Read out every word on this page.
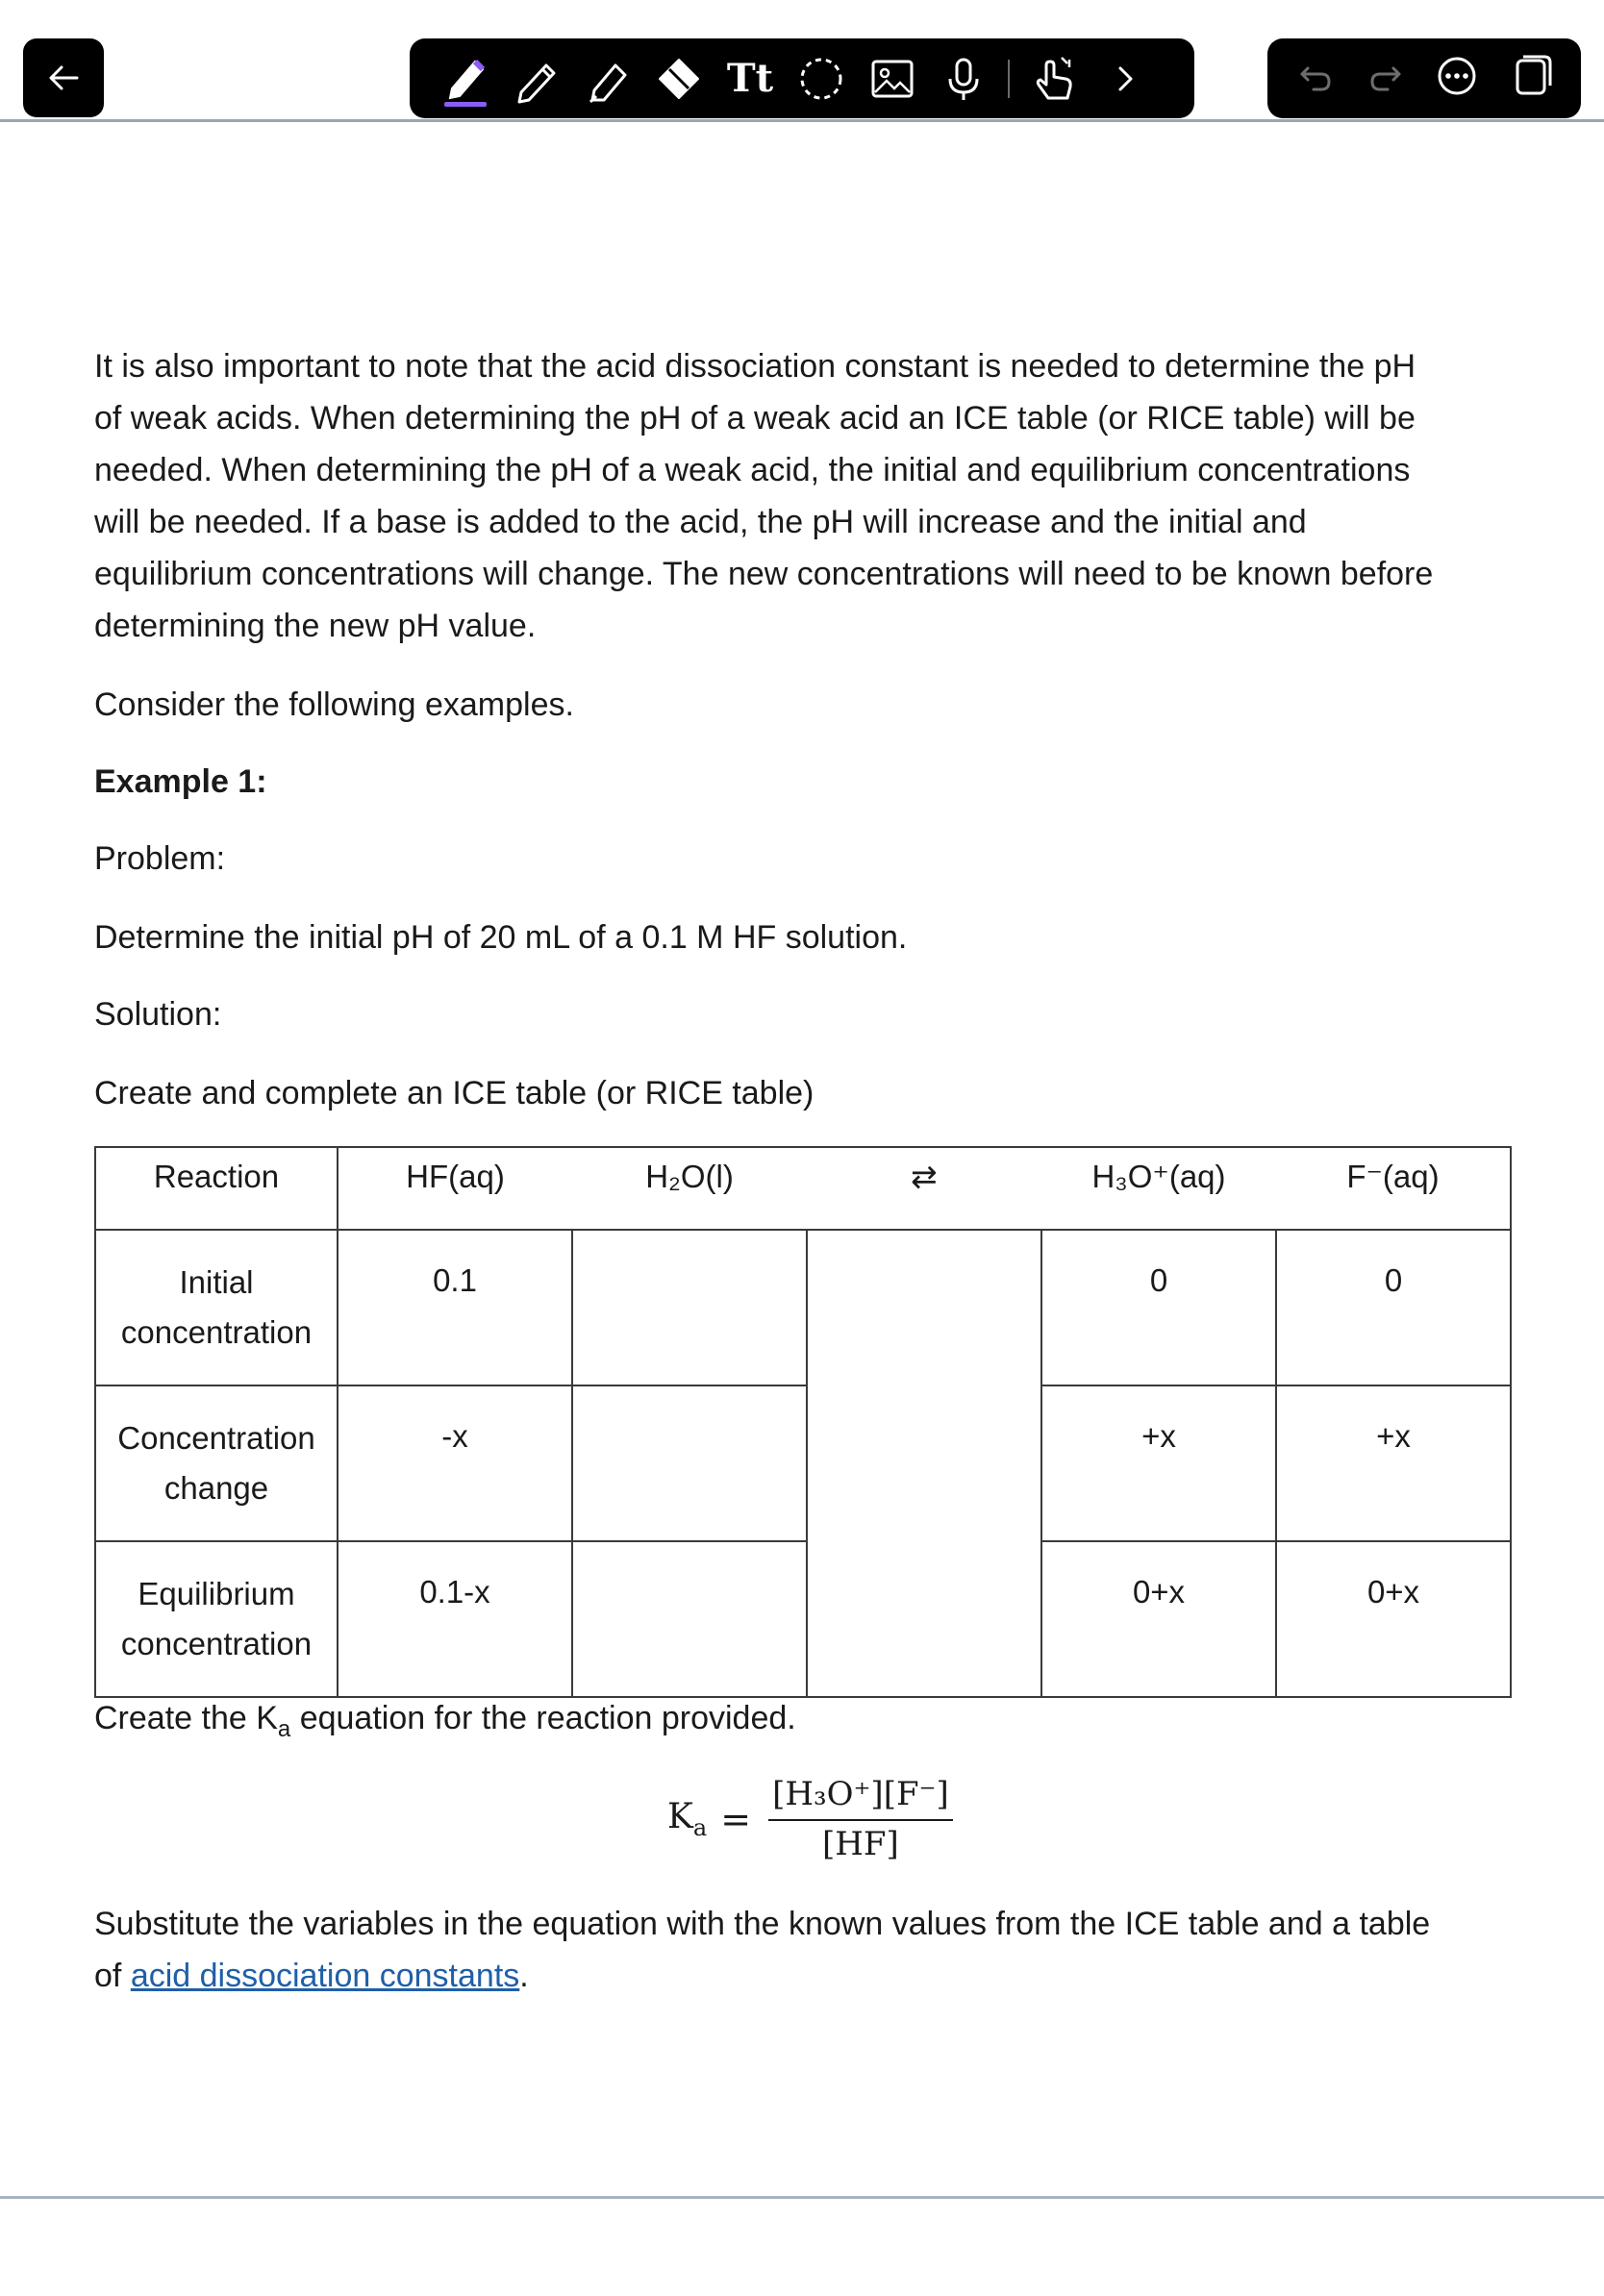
Tt
It is also important to note that the acid dissociation constant is needed to determine the pH
of weak acids. When determining the pH of a weak acid an ICE table (or RICE table) will be
needed. When determining the pH of a weak acid, the initial and equilibrium concentrations
will be needed. If a base is added to the acid, the pH will increase and the initial and
equilibrium concentrations will change. The new concentrations will need to be known before
determining the new pH value.

Consider the following examples.

Example 1:

Problem:

Determine the initial pH of 20 mL of a 0.1 M HF solution.

Solution:

Create and complete an ICE table (or RICE table)

Reaction	HF(aq)	H₂O(l)	⇄	H₃O⁺(aq)	F⁻(aq)

Initial
concentration	0.1			0	0

Concentration
change	-x			+x	+x

Equilibrium
concentration	0.1-x			0+x	0+x

Create the $K_a$ equation for the reaction provided.

$K_a = \frac{\text{[H₃O⁺][F⁻]}}{[HF]}$
Substitute the variables in the equation with the known values from the ICE table and a table
of acid dissociation constants.
